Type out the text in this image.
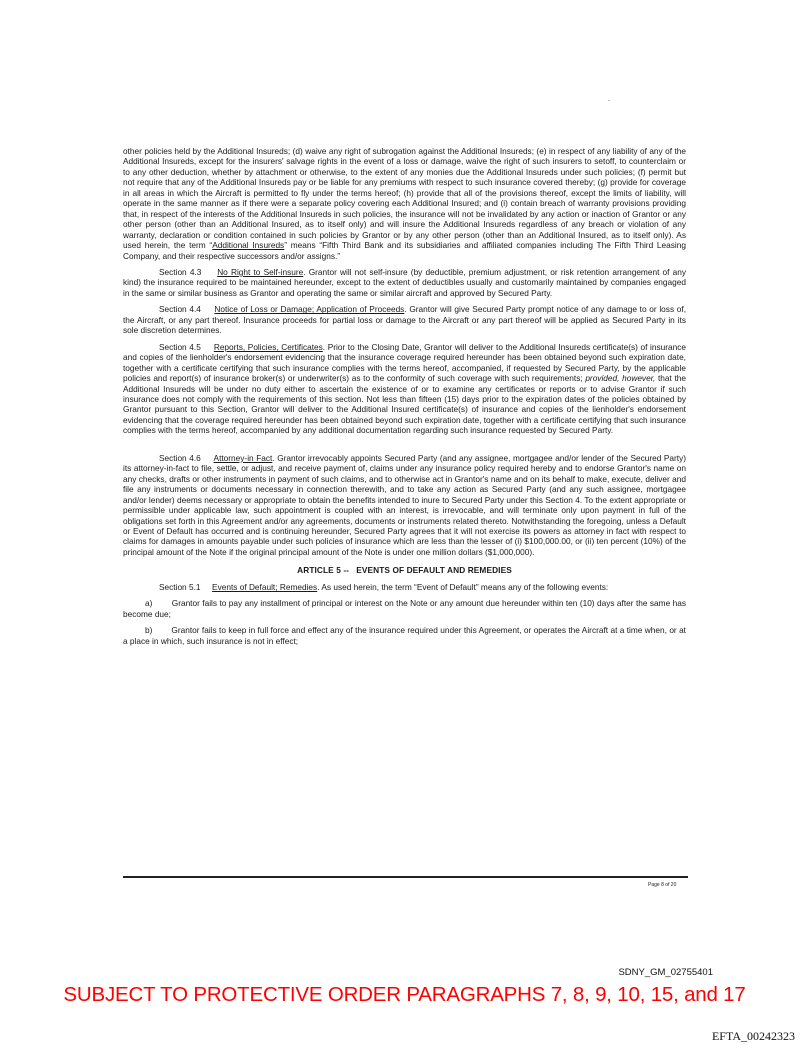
other policies held by the Additional Insureds; (d) waive any right of subrogation against the Additional Insureds; (e) in respect of any liability of any of the Additional Insureds, except for the insurers' salvage rights in the event of a loss or damage, waive the right of such insurers to setoff, to counterclaim or to any other deduction, whether by attachment or otherwise, to the extent of any monies due the Additional Insureds under such policies; (f) permit but not require that any of the Additional Insureds pay or be liable for any premiums with respect to such insurance covered thereby; (g) provide for coverage in all areas in which the Aircraft is permitted to fly under the terms hereof; (h) provide that all of the provisions thereof, except the limits of liability, will operate in the same manner as if there were a separate policy covering each Additional Insured; and (i) contain breach of warranty provisions providing that, in respect of the interests of the Additional Insureds in such policies, the insurance will not be invalidated by any action or inaction of Grantor or any other person (other than an Additional Insured, as to itself only) and will insure the Additional Insureds regardless of any breach or violation of any warranty, declaration or condition contained in such policies by Grantor or by any other person (other than an Additional Insured, as to itself only). As used herein, the term “Additional Insureds” means “Fifth Third Bank and its subsidiaries and affiliated companies including The Fifth Third Leasing Company, and their respective successors and/or assigns.”

Section 4.3 No Right to Self-insure. Grantor will not self-insure (by deductible, premium adjustment, or risk retention arrangement of any kind) the insurance required to be maintained hereunder, except to the extent of deductibles usually and customarily maintained by companies engaged in the same or similar business as Grantor and operating the same or similar aircraft and approved by Secured Party.

Section 4.4 Notice of Loss or Damage; Application of Proceeds. Grantor will give Secured Party prompt notice of any damage to or loss of, the Aircraft, or any part thereof. Insurance proceeds for partial loss or damage to the Aircraft or any part thereof will be applied as Secured Party in its sole discretion determines.

Section 4.5 Reports, Policies, Certificates. Prior to the Closing Date, Grantor will deliver to the Additional Insureds certificate(s) of insurance and copies of the lienholder's endorsement evidencing that the insurance coverage required hereunder has been obtained beyond such expiration date, together with a certificate certifying that such insurance complies with the terms hereof, accompanied, if requested by Secured Party, by the applicable policies and report(s) of insurance broker(s) or underwriter(s) as to the conformity of such coverage with such requirements; provided, however, that the Additional Insureds will be under no duty either to ascertain the existence of or to examine any certificates or reports or to advise Grantor if such insurance does not comply with the requirements of this section. Not less than fifteen (15) days prior to the expiration dates of the policies obtained by Grantor pursuant to this Section, Grantor will deliver to the Additional Insured certificate(s) of insurance and copies of the lienholder's endorsement evidencing that the coverage required hereunder has been obtained beyond such expiration date, together with a certificate certifying that such insurance complies with the terms hereof, accompanied by any additional documentation regarding such insurance requested by Secured Party.

Section 4.6 Attorney-in Fact. Grantor irrevocably appoints Secured Party (and any assignee, mortgagee and/or lender of the Secured Party) its attorney-in-fact to file, settle, or adjust, and receive payment of, claims under any insurance policy required hereby and to endorse Grantor's name on any checks, drafts or other instruments in payment of such claims, and to otherwise act in Grantor's name and on its behalf to make, execute, deliver and file any instruments or documents necessary in connection therewith, and to take any action as Secured Party (and any such assignee, mortgagee and/or lender) deems necessary or appropriate to obtain the benefits intended to inure to Secured Party under this Section 4. To the extent appropriate or permissible under applicable law, such appointment is coupled with an interest, is irrevocable, and will terminate only upon payment in full of the obligations set forth in this Agreement and/or any agreements, documents or instruments related thereto. Notwithstanding the foregoing, unless a Default or Event of Default has occurred and is continuing hereunder, Secured Party agrees that it will not exercise its powers as attorney in fact with respect to claims for damages in amounts payable under such policies of insurance which are less than the lesser of (i) $100,000.00, or (ii) ten percent (10%) of the principal amount of the Note if the original principal amount of the Note is under one million dollars ($1,000,000).

ARTICLE 5 --   EVENTS OF DEFAULT AND REMEDIES

Section 5.1 Events of Default; Remedies. As used herein, the term “Event of Default” means any of the following events:

a) Grantor fails to pay any installment of principal or interest on the Note or any amount due hereunder within ten (10) days after the same has become due;

b) Grantor fails to keep in full force and effect any of the insurance required under this Agreement, or operates the Aircraft at a time when, or at a place in which, such insurance is not in effect;

Page 8 of 20
SDNY_GM_02755401
SUBJECT TO PROTECTIVE ORDER PARAGRAPHS 7, 8, 9, 10, 15, and 17
EFTA_00242323
